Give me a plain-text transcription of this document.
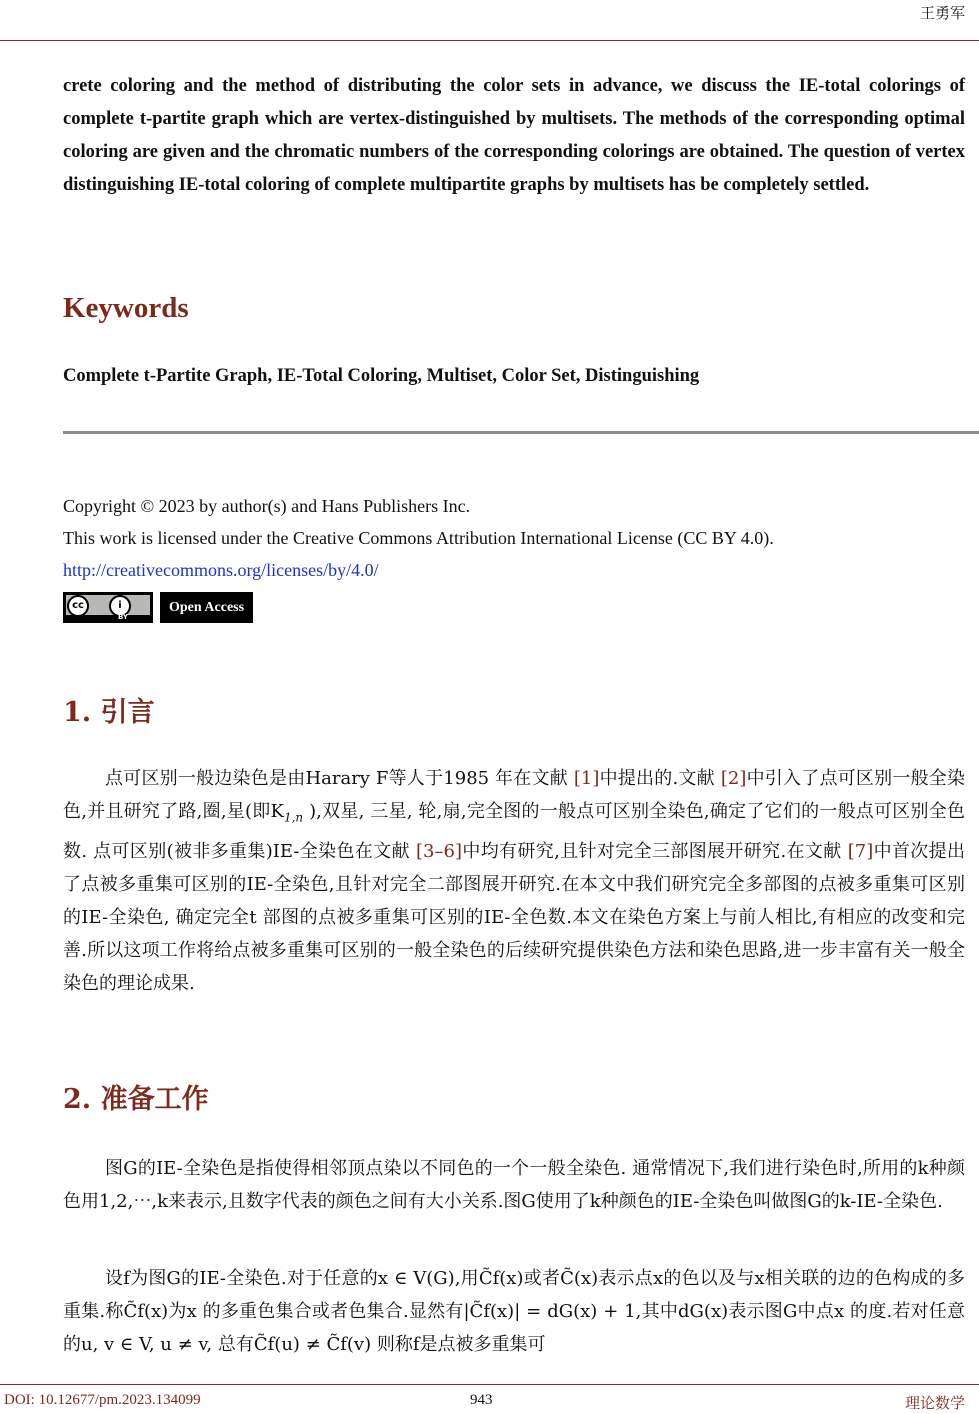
王勇军

crete coloring and the method of distributing the color sets in advance, we discuss the IE-total colorings of complete t-partite graph which are vertex-distinguished by multisets. The methods of the corresponding optimal coloring are given and the chromatic numbers of the corresponding colorings are obtained. The question of vertex distinguishing IE-total coloring of complete multipartite graphs by multisets has be completely settled.

Keywords

Complete t-Partite Graph, IE-Total Coloring, Multiset, Color Set, Distinguishing

Copyright © 2023 by author(s) and Hans Publishers Inc.
This work is licensed under the Creative Commons Attribution International License (CC BY 4.0).
http://creativecommons.org/licenses/by/4.0/
cc	i
BY
Open Access
1. 引言

点可区别一般边染色是由Harary F等人于1985 年在文献 [1]中提出的.文献 [2]中引入了点可区别一般全染色,并且研究了路,圈,星(即$K_{1,n}$ ),双星, 三星, 轮,扇,完全图的一般点可区别全染色,确定了它们的一般点可区别全色数. 点可区别(被非多重集)IE-全染色在文献 [3–6]中均有研究,且针对完全三部图展开研究.在文献 [7]中首次提出了点被多重集可区别的IE-全染色,且针对完全二部图展开研究.在本文中我们研究完全多部图的点被多重集可区别的IE-全染色, 确定完全t 部图的点被多重集可区别的IE-全色数.本文在染色方案上与前人相比,有相应的改变和完善.所以这项工作将给点被多重集可区别的一般全染色的后续研究提供染色方法和染色思路,进一步丰富有关一般全染色的理论成果.

2. 准备工作

图G的IE-全染色是指使得相邻顶点染以不同色的一个一般全染色. 通常情况下,我们进行染色时,所用的k种颜色用1,2,⋯,k来表示,且数字代表的颜色之间有大小关系.图G使用了k种颜色的IE-全染色叫做图G的k-IE-全染色.

设f为图G的IE-全染色.对于任意的x ∈ V(G),用C̃f(x)或者C̃(x)表示点x的色以及与x相关联的边的色构成的多重集.称C̃f(x)为x 的多重色集合或者色集合.显然有|C̃f(x)| = dG(x) + 1,其中dG(x)表示图G中点x 的度.若对任意的u, v ∈ V, u ≠ v, 总有C̃f(u) ≠ C̃f(v) 则称f是点被多重集可

DOI: 10.12677/pm.2023.134099	943	理论数学
